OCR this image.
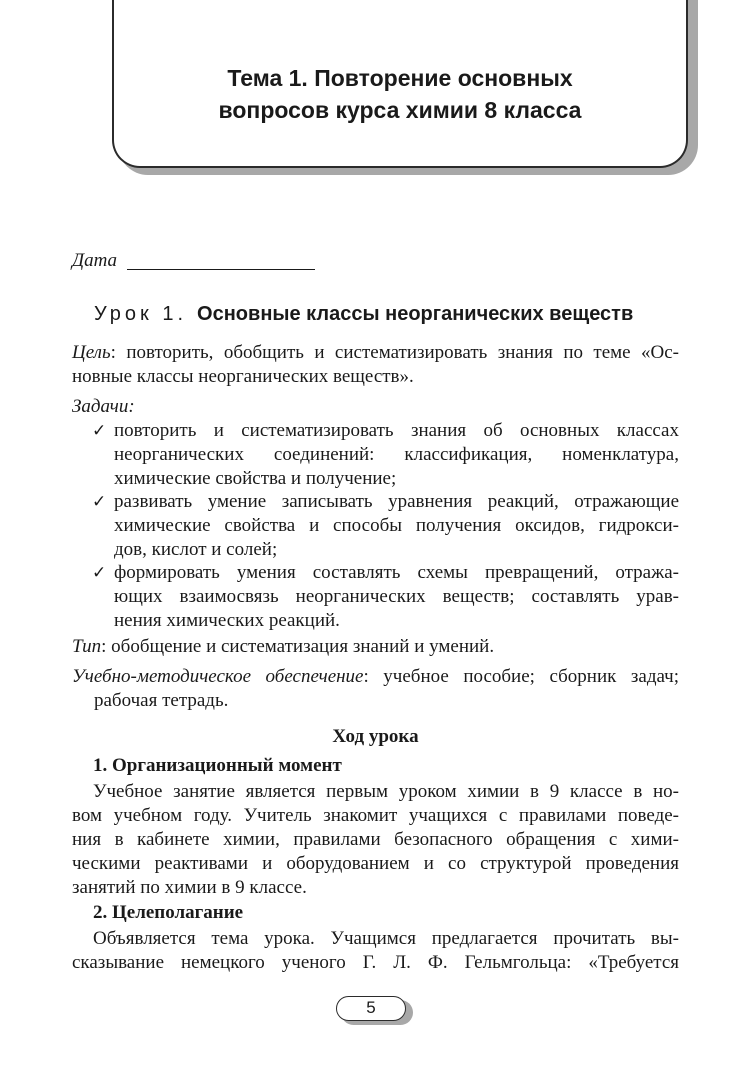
Тема 1. Повторение основных
вопросов курса химии 8 класса
Дата
Урок 1. Основные классы неорганических веществ
Цель: повторить, обобщить и систематизировать знания по теме «Ос-
новные классы неорганических веществ».
Задачи:
✓ повторить и систематизировать знания об основных классах
неорганических соединений: классификация, номенклатура,
химические свойства и получение;
✓ развивать умение записывать уравнения реакций, отражающие
химические свойства и способы получения оксидов, гидрокси-
дов, кислот и солей;
✓ формировать умения составлять схемы превращений, отража-
ющих взаимосвязь неорганических веществ; составлять урав-
нения химических реакций.
Тип: обобщение и систематизация знаний и умений.
Учебно-методическое обеспечение: учебное пособие; сборник задач;
рабочая тетрадь.
Ход урока
1. Организационный момент
Учебное занятие является первым уроком химии в 9 классе в но-
вом учебном году. Учитель знакомит учащихся с правилами поведе-
ния в кабинете химии, правилами безопасного обращения с хими-
ческими реактивами и оборудованием и со структурой проведения
занятий по химии в 9 классе.
2. Целеполагание
Объявляется тема урока. Учащимся предлагается прочитать вы-
сказывание немецкого ученого Г. Л. Ф. Гельмгольца: «Требуется
5
